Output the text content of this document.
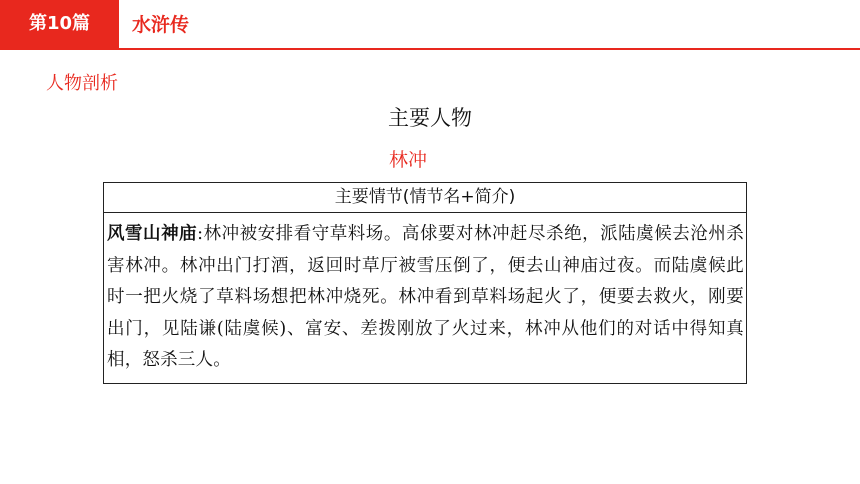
第10篇	水浒传
人物剖析
主要人物
林冲
主要情节(情节名+简介)
风雪山神庙:林冲被安排看守草料场。高俅要对林冲赶尽杀绝，派陆虞候去沧州杀害林冲。林冲出门打酒，返回时草厅被雪压倒了，便去山神庙过夜。而陆虞候此时一把火烧了草料场想把林冲烧死。林冲看到草料场起火了，便要去救火，刚要出门，见陆谦(陆虞候)、富安、差拨刚放了火过来，林冲从他们的对话中得知真相，怒杀三人。
